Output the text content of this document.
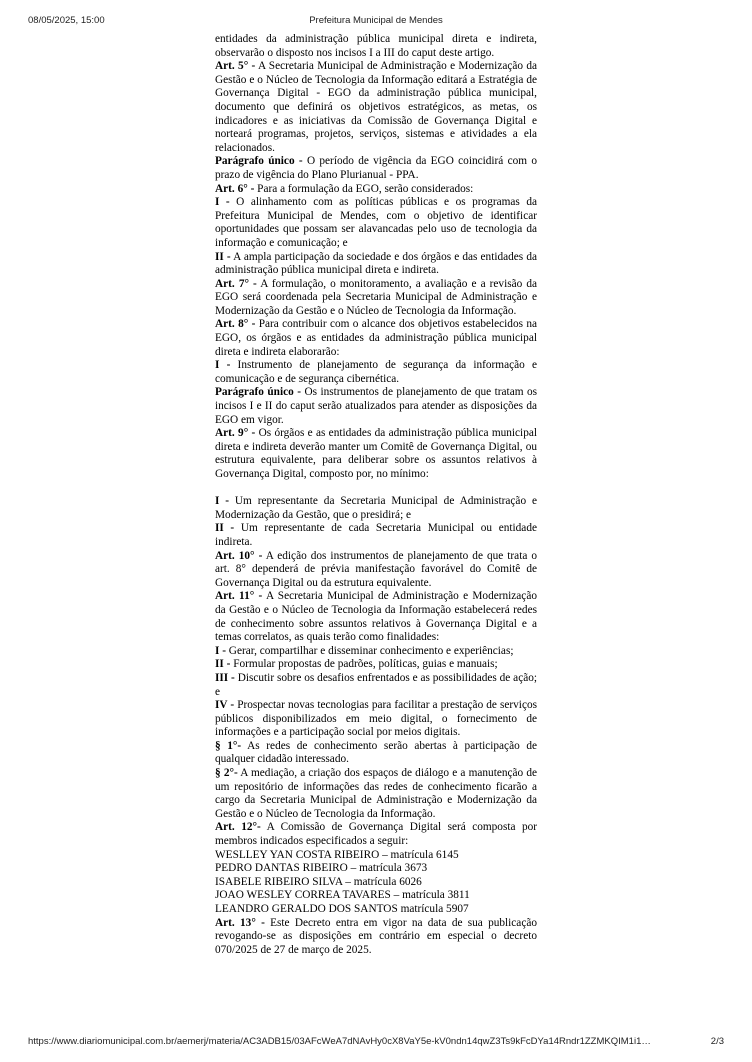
08/05/2025, 15:00	Prefeitura Municipal de Mendes

entidades da administração pública municipal direta e indireta, observarão o disposto nos incisos I a III do caput deste artigo.

Art. 5° - A Secretaria Municipal de Administração e Modernização da Gestão e o Núcleo de Tecnologia da Informação editará a Estratégia de Governança Digital - EGO da administração pública municipal, documento que definirá os objetivos estratégicos, as metas, os indicadores e as iniciativas da Comissão de Governança Digital e norteará programas, projetos, serviços, sistemas e atividades a ela relacionados.

Parágrafo único - O período de vigência da EGO coincidirá com o prazo de vigência do Plano Plurianual - PPA.

Art. 6° - Para a formulação da EGO, serão considerados:

I - O alinhamento com as políticas públicas e os programas da Prefeitura Municipal de Mendes, com o objetivo de identificar oportunidades que possam ser alavancadas pelo uso de tecnologia da informação e comunicação; e

II - A ampla participação da sociedade e dos órgãos e das entidades da administração pública municipal direta e indireta.

Art. 7° - A formulação, o monitoramento, a avaliação e a revisão da EGO será coordenada pela Secretaria Municipal de Administração e Modernização da Gestão e o Núcleo de Tecnologia da Informação.

Art. 8° - Para contribuir com o alcance dos objetivos estabelecidos na EGO, os órgãos e as entidades da administração pública municipal direta e indireta elaborarão:

I - Instrumento de planejamento de segurança da informação e comunicação e de segurança cibernética.

Parágrafo único - Os instrumentos de planejamento de que tratam os incisos I e II do caput serão atualizados para atender as disposições da EGO em vigor.

Art. 9° - Os órgãos e as entidades da administração pública municipal direta e indireta deverão manter um Comitê de Governança Digital, ou estrutura equivalente, para deliberar sobre os assuntos relativos à Governança Digital, composto por, no mínimo:

I - Um representante da Secretaria Municipal de Administração e Modernização da Gestão, que o presidirá; e

II - Um representante de cada Secretaria Municipal ou entidade indireta.

Art. 10° - A edição dos instrumentos de planejamento de que trata o art. 8° dependerá de prévia manifestação favorável do Comitê de Governança Digital ou da estrutura equivalente.

Art. 11° - A Secretaria Municipal de Administração e Modernização da Gestão e o Núcleo de Tecnologia da Informação estabelecerá redes de conhecimento sobre assuntos relativos à Governança Digital e a temas correlatos, as quais terão como finalidades:

I - Gerar, compartilhar e disseminar conhecimento e experiências;

II - Formular propostas de padrões, políticas, guias e manuais;

III - Discutir sobre os desafios enfrentados e as possibilidades de ação; e

IV - Prospectar novas tecnologias para facilitar a prestação de serviços públicos disponibilizados em meio digital, o fornecimento de informações e a participação social por meios digitais.

§ 1°- As redes de conhecimento serão abertas à participação de qualquer cidadão interessado.

§ 2°- A mediação, a criação dos espaços de diálogo e a manutenção de um repositório de informações das redes de conhecimento ficarão a cargo da Secretaria Municipal de Administração e Modernização da Gestão e o Núcleo de Tecnologia da Informação.

Art. 12°- A Comissão de Governança Digital será composta por membros indicados especificados a seguir:

WESLLEY YAN COSTA RIBEIRO – matrícula 6145

PEDRO DANTAS RIBEIRO – matrícula 3673

ISABELE RIBEIRO SILVA – matrícula 6026

JOAO WESLEY CORREA TAVARES – matrícula 3811

LEANDRO GERALDO DOS SANTOS matrícula 5907

Art. 13° - Este Decreto entra em vigor na data de sua publicação revogando-se as disposições em contrário em especial o decreto 070/2025 de 27 de março de 2025.

https://www.diariomunicipal.com.br/aemerj/materia/AC3ADB15/03AFcWeA7dNAvHy0cX8VaY5e-kV0ndn14qwZ3Ts9kFcDYa14Rndr1ZZMKQIM1i1…	2/3
